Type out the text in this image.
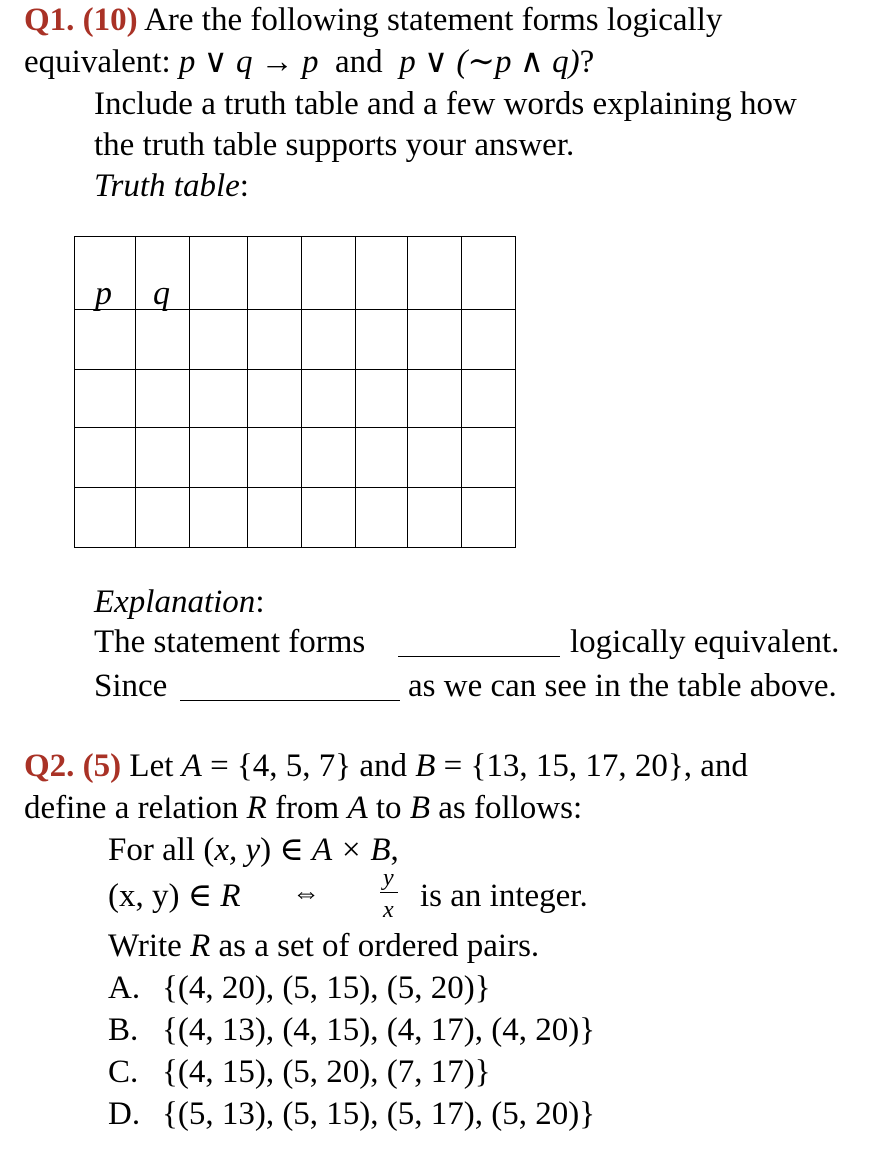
Q1. (10) Are the following statement forms logically
equivalent: p ∨ q → p and p ∨ (∼p ∧ q)?
Include a truth table and a few words explaining how
the truth table supports your answer.
Truth table:
p q
Explanation:
The statement forms	logically equivalent.
Since	as we can see in the table above.
Q2. (5) Let A = {4, 5, 7} and B = {13, 15, 17, 20}, and
define a relation R from A to B as follows:
For all (x, y) ∈ A × B,
(x, y) ∈ R ⇔	y
x is an integer.
Write R as a set of ordered pairs.
A. {(4, 20), (5, 15), (5, 20)}
B. {(4, 13), (4, 15), (4, 17), (4, 20)}
C. {(4, 15), (5, 20), (7, 17)}
D. {(5, 13), (5, 15), (5, 17), (5, 20)}
